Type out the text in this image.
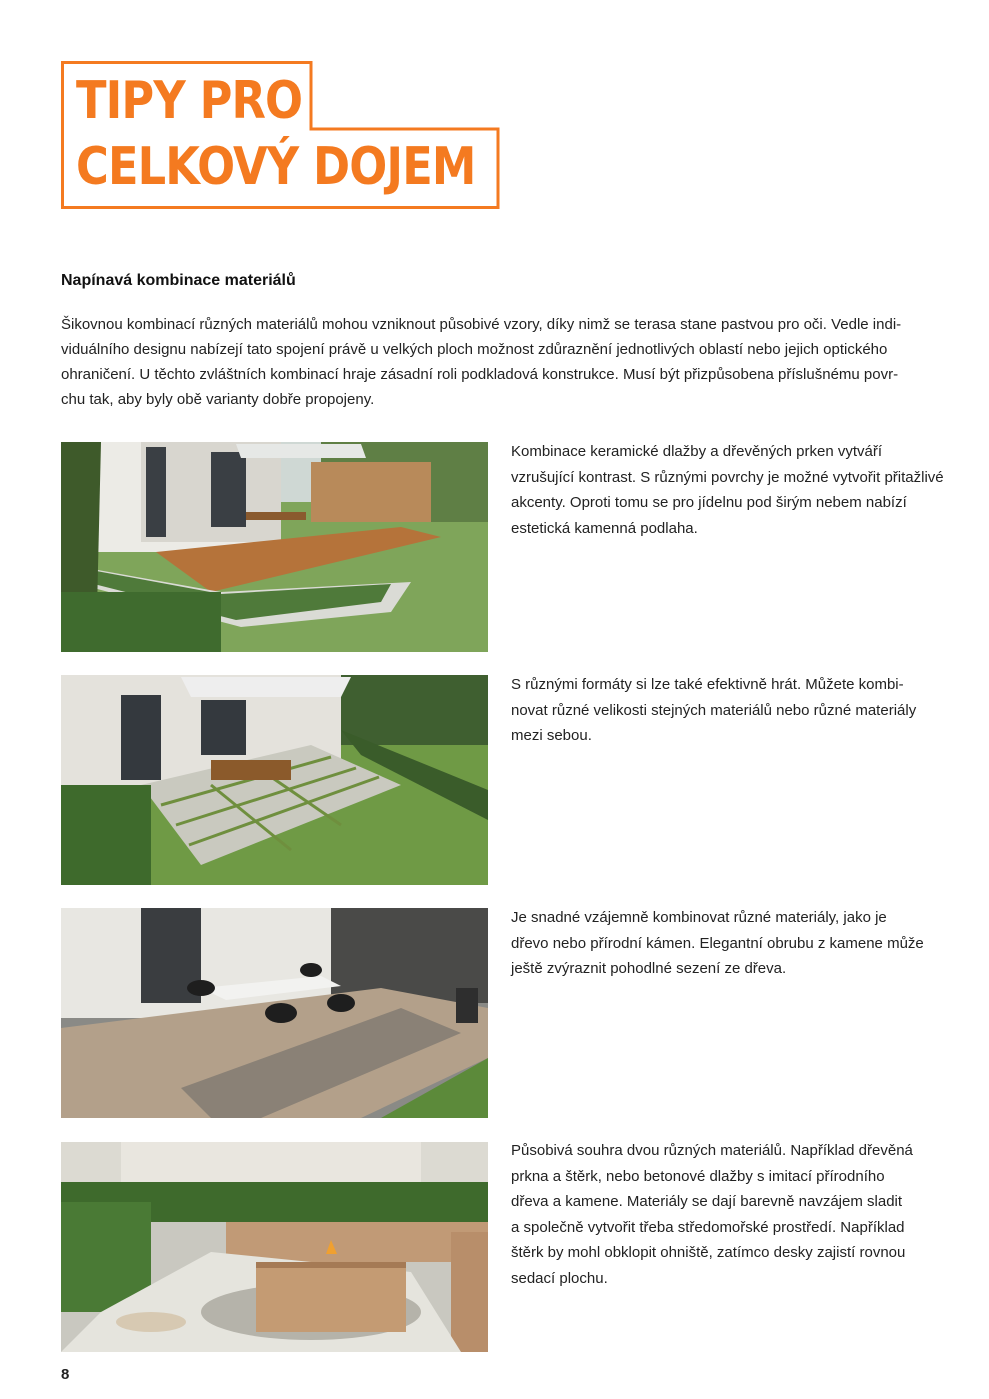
TIPY PRO
CELKOVÝ DOJEM
Napínavá kombinace materiálů
Šikovnou kombinací různých materiálů mohou vzniknout působivé vzory, díky nimž se terasa stane pastvou pro oči. Vedle indi-
viduálního designu nabízejí tato spojení právě u velkých ploch možnost zdůraznění jednotlivých oblastí nebo jejich optického
ohraničení. U těchto zvláštních kombinací hraje zásadní roli podkladová konstrukce. Musí být přizpůsobena příslušnému povr-
chu tak, aby byly obě varianty dobře propojeny.
Kombinace keramické dlažby a dřevěných prken vytváří
vzrušující kontrast. S různými povrchy je možné vytvořit přitažlivé
akcenty. Oproti tomu se pro jídelnu pod širým nebem nabízí
estetická kamenná podlaha.
S různými formáty si lze také efektivně hrát. Můžete kombi-
novat různé velikosti stejných materiálů nebo různé materiály
mezi sebou.
Je snadné vzájemně kombinovat různé materiály, jako je
dřevo nebo přírodní kámen. Elegantní obrubu z kamene může
ještě zvýraznit pohodlné sezení ze dřeva.
Působivá souhra dvou různých materiálů. Například dřevěná
prkna a štěrk, nebo betonové dlažby s imitací přírodního
dřeva a kamene. Materiály se dají barevně navzájem sladit
a společně vytvořit třeba středomořské prostředí. Například
štěrk by mohl obklopit ohniště, zatímco desky zajistí rovnou
sedací plochu.
8
